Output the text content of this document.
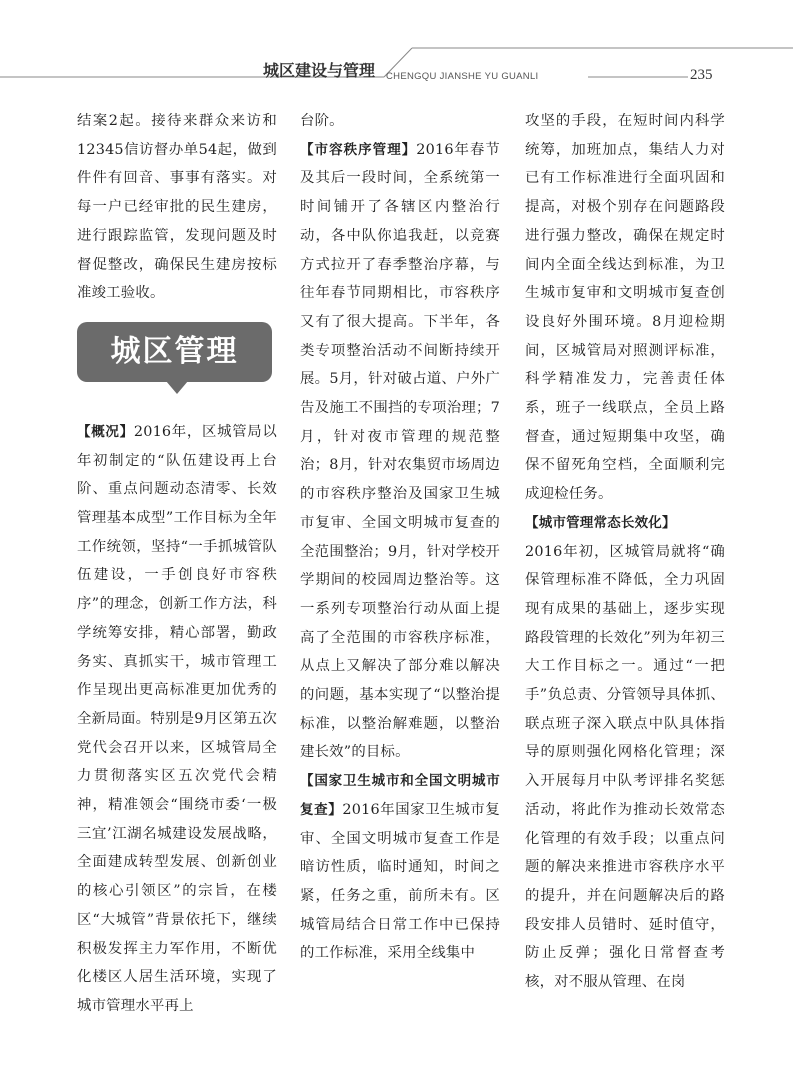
城区建设与管理 CHENGQU JIANSHE YU GUANLI	235

结案2起。接待来群众来访和12345信访督办单54起，做到件件有回音、事事有落实。对每一户已经审批的民生建房，进行跟踪监管，发现问题及时督促整改，确保民生建房按标准竣工验收。

城区管理

【概况】2016年，区城管局以年初制定的“队伍建设再上台阶、重点问题动态清零、长效管理基本成型”工作目标为全年工作统领，坚持“一手抓城管队伍建设，一手创良好市容秩序”的理念，创新工作方法，科学统筹安排，精心部署，勤政务实、真抓实干，城市管理工作呈现出更高标准更加优秀的全新局面。特别是9月区第五次党代会召开以来，区城管局全力贯彻落实区五次党代会精神，精准领会“围绕市委‘一极三宜’江湖名城建设发展战略，全面建成转型发展、创新创业的核心引领区”的宗旨，在楼区“大城管”背景依托下，继续积极发挥主力军作用，不断优化楼区人居生活环境，实现了城市管理水平再上

台阶。

【市容秩序管理】2016年春节及其后一段时间，全系统第一时间铺开了各辖区内整治行动，各中队你追我赶，以竞赛方式拉开了春季整治序幕，与往年春节同期相比，市容秩序又有了很大提高。下半年，各类专项整治活动不间断持续开展。5月，针对破占道、户外广告及施工不围挡的专项治理；7月，针对夜市管理的规范整治；8月，针对农集贸市场周边的市容秩序整治及国家卫生城市复审、全国文明城市复查的全范围整治；9月，针对学校开学期间的校园周边整治等。这一系列专项整治行动从面上提高了全范围的市容秩序标准，从点上又解决了部分难以解决的问题，基本实现了“以整治提标准，以整治解难题，以整治建长效”的目标。

【国家卫生城市和全国文明城市复查】2016年国家卫生城市复审、全国文明城市复查工作是暗访性质，临时通知，时间之紧，任务之重，前所未有。区城管局结合日常工作中已保持的工作标准，采用全线集中

攻坚的手段，在短时间内科学统筹，加班加点，集结人力对已有工作标准进行全面巩固和提高，对极个别存在问题路段进行强力整改，确保在规定时间内全面全线达到标准，为卫生城市复审和文明城市复查创设良好外围环境。8月迎检期间，区城管局对照测评标准，科学精准发力，完善责任体系，班子一线联点，全员上路督查，通过短期集中攻坚，确保不留死角空档，全面顺利完成迎检任务。

【城市管理常态长效化】
2016年初，区城管局就将“确保管理标准不降低，全力巩固现有成果的基础上，逐步实现路段管理的长效化”列为年初三大工作目标之一。通过“一把手”负总责、分管领导具体抓、联点班子深入联点中队具体指导的原则强化网格化管理；深入开展每月中队考评排名奖惩活动，将此作为推动长效常态化管理的有效手段；以重点问题的解决来推进市容秩序水平的提升，并在问题解决后的路段安排人员错时、延时值守，防止反弹；强化日常督查考核，对不服从管理、在岗
